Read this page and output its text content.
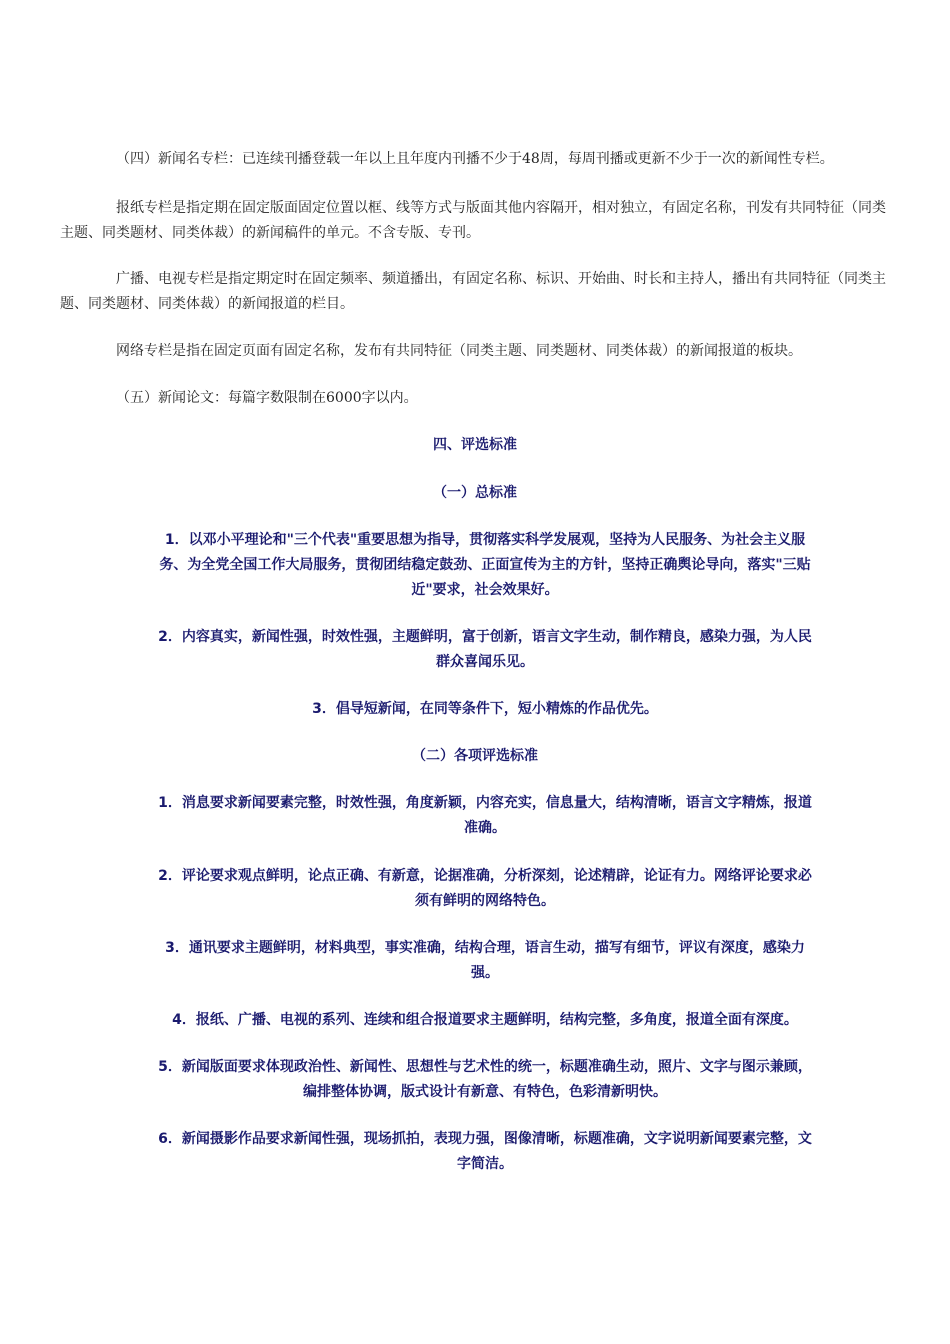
（四）新闻名专栏：已连续刊播登载一年以上且年度内刊播不少于48周，每周刊播或更新不少于一次的新闻性专栏。
报纸专栏是指定期在固定版面固定位置以框、线等方式与版面其他内容隔开，相对独立，有固定名称，刊发有共同特征（同类主题、同类题材、同类体裁）的新闻稿件的单元。不含专版、专刊。
广播、电视专栏是指定期定时在固定频率、频道播出，有固定名称、标识、开始曲、时长和主持人，播出有共同特征（同类主题、同类题材、同类体裁）的新闻报道的栏目。
网络专栏是指在固定页面有固定名称，发布有共同特征（同类主题、同类题材、同类体裁）的新闻报道的板块。
（五）新闻论文：每篇字数限制在6000字以内。
四、评选标准
（一）总标准
1．以邓小平理论和"三个代表"重要思想为指导，贯彻落实科学发展观，坚持为人民服务、为社会主义服务、为全党全国工作大局服务，贯彻团结稳定鼓劲、正面宣传为主的方针，坚持正确舆论导向，落实"三贴近"要求，社会效果好。
2．内容真实，新闻性强，时效性强，主题鲜明，富于创新，语言文字生动，制作精良，感染力强，为人民群众喜闻乐见。
3．倡导短新闻，在同等条件下，短小精炼的作品优先。
（二）各项评选标准
1．消息要求新闻要素完整，时效性强，角度新颖，内容充实，信息量大，结构清晰，语言文字精炼，报道准确。
2．评论要求观点鲜明，论点正确、有新意，论据准确，分析深刻，论述精辟，论证有力。网络评论要求必须有鲜明的网络特色。
3．通讯要求主题鲜明，材料典型，事实准确，结构合理，语言生动，描写有细节，评议有深度，感染力强。
4．报纸、广播、电视的系列、连续和组合报道要求主题鲜明，结构完整，多角度，报道全面有深度。
5．新闻版面要求体现政治性、新闻性、思想性与艺术性的统一，标题准确生动，照片、文字与图示兼顾，编排整体协调，版式设计有新意、有特色，色彩清新明快。
6．新闻摄影作品要求新闻性强，现场抓拍，表现力强，图像清晰，标题准确，文字说明新闻要素完整，文字简洁。
